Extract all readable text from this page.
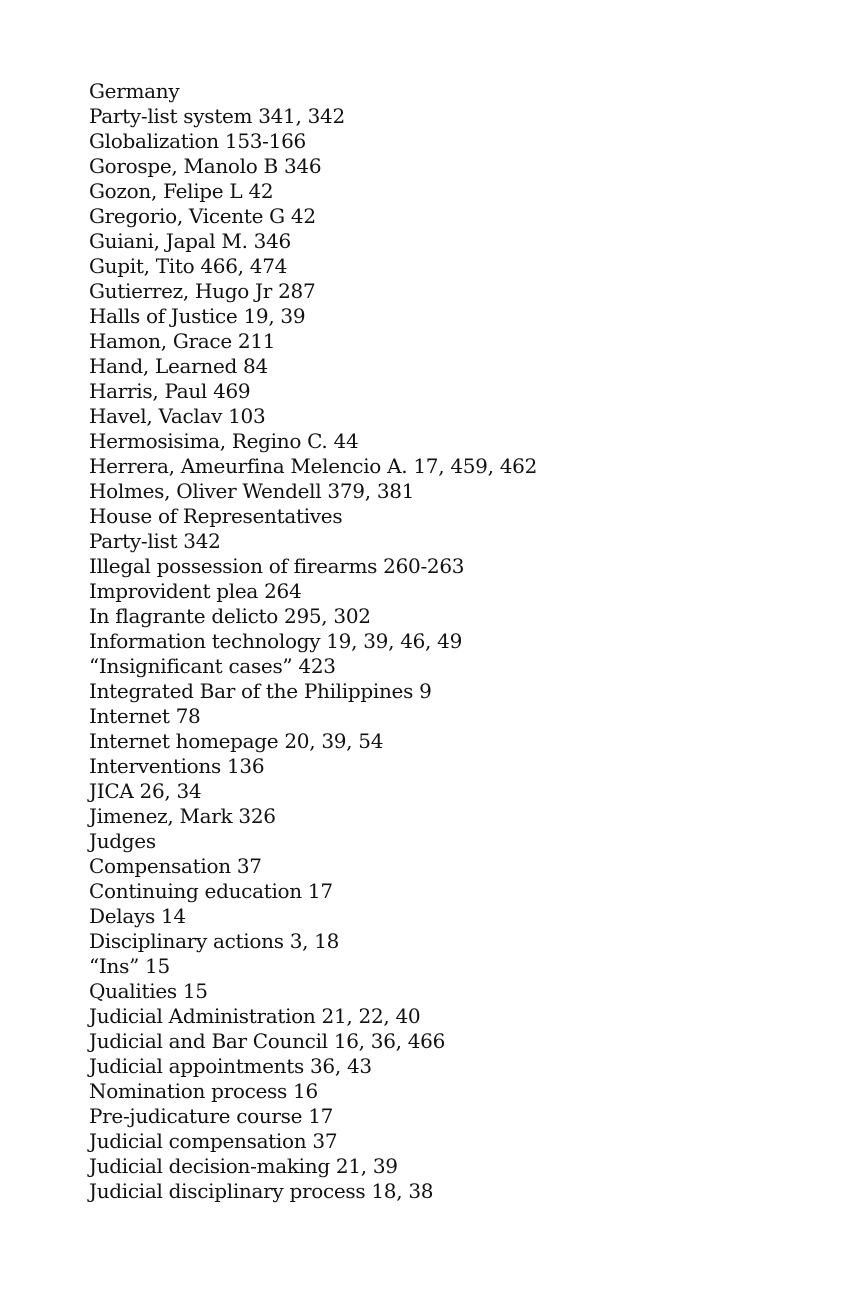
Germany
Party-list system 341, 342
Globalization 153-166
Gorospe, Manolo B 346
Gozon, Felipe L 42
Gregorio, Vicente G 42
Guiani, Japal M. 346
Gupit, Tito 466, 474
Gutierrez, Hugo Jr 287
Halls of Justice 19, 39
Hamon, Grace 211
Hand, Learned 84
Harris, Paul 469
Havel, Vaclav 103
Hermosisima, Regino C. 44
Herrera, Ameurfina Melencio A. 17, 459, 462
Holmes, Oliver Wendell 379, 381
House of Representatives
Party-list 342
Illegal possession of firearms 260-263
Improvident plea 264
In flagrante delicto 295, 302
Information technology 19, 39, 46, 49
“Insignificant cases” 423
Integrated Bar of the Philippines 9
Internet 78
Internet homepage 20, 39, 54
Interventions 136
JICA 26, 34
Jimenez, Mark 326
Judges
Compensation 37
Continuing education 17
Delays 14
Disciplinary actions 3, 18
“Ins” 15
Qualities 15
Judicial Administration 21, 22, 40
Judicial and Bar Council 16, 36, 466
Judicial appointments 36, 43
Nomination process 16
Pre-judicature course 17
Judicial compensation 37
Judicial decision-making 21, 39
Judicial disciplinary process 18, 38
